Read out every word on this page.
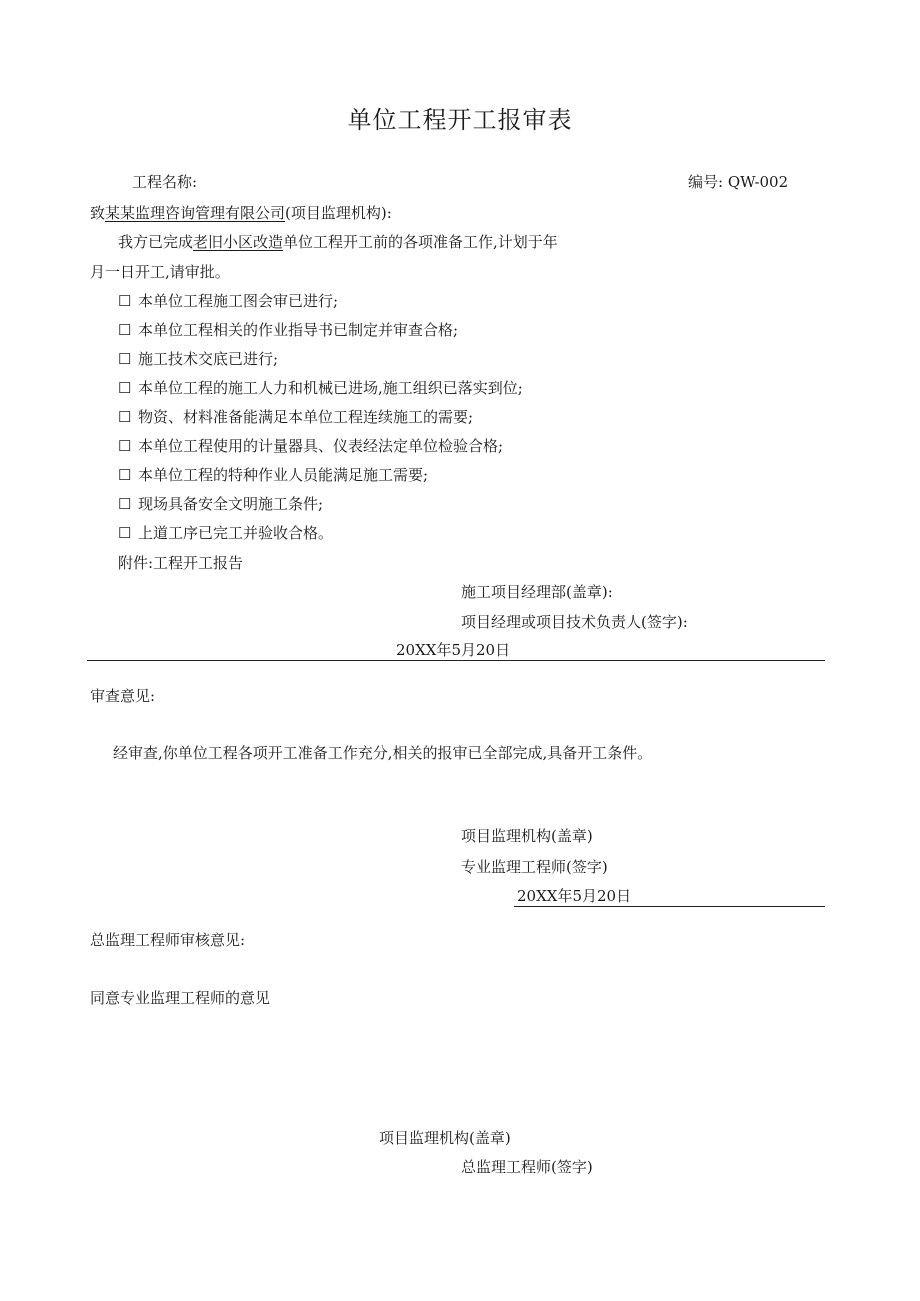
单位工程开工报审表
工程名称:	编号: QW-002
致某某监理咨询管理有限公司(项目监理机构):
我方已完成老旧小区改造单位工程开工前的各项准备工作,计划于年
月一日开工,请审批。
☐ 本单位工程施工图会审已进行;
☐ 本单位工程相关的作业指导书已制定并审查合格;
☐ 施工技术交底已进行;
☐ 本单位工程的施工人力和机械已进场,施工组织已落实到位;
☐ 物资、材料准备能满足本单位工程连续施工的需要;
☐ 本单位工程使用的计量器具、仪表经法定单位检验合格;
☐ 本单位工程的特种作业人员能满足施工需要;
☐ 现场具备安全文明施工条件;
☐ 上道工序已完工并验收合格。
附件:工程开工报告
施工项目经理部(盖章):
项目经理或项目技术负责人(签字):
20XX年5月20日
审查意见:
经审查,你单位工程各项开工准备工作充分,相关的报审已全部完成,具备开工条件。
项目监理机构(盖章)
专业监理工程师(签字)
20XX年5月20日
总监理工程师审核意见:
同意专业监理工程师的意见
项目监理机构(盖章)
总监理工程师(签字)
